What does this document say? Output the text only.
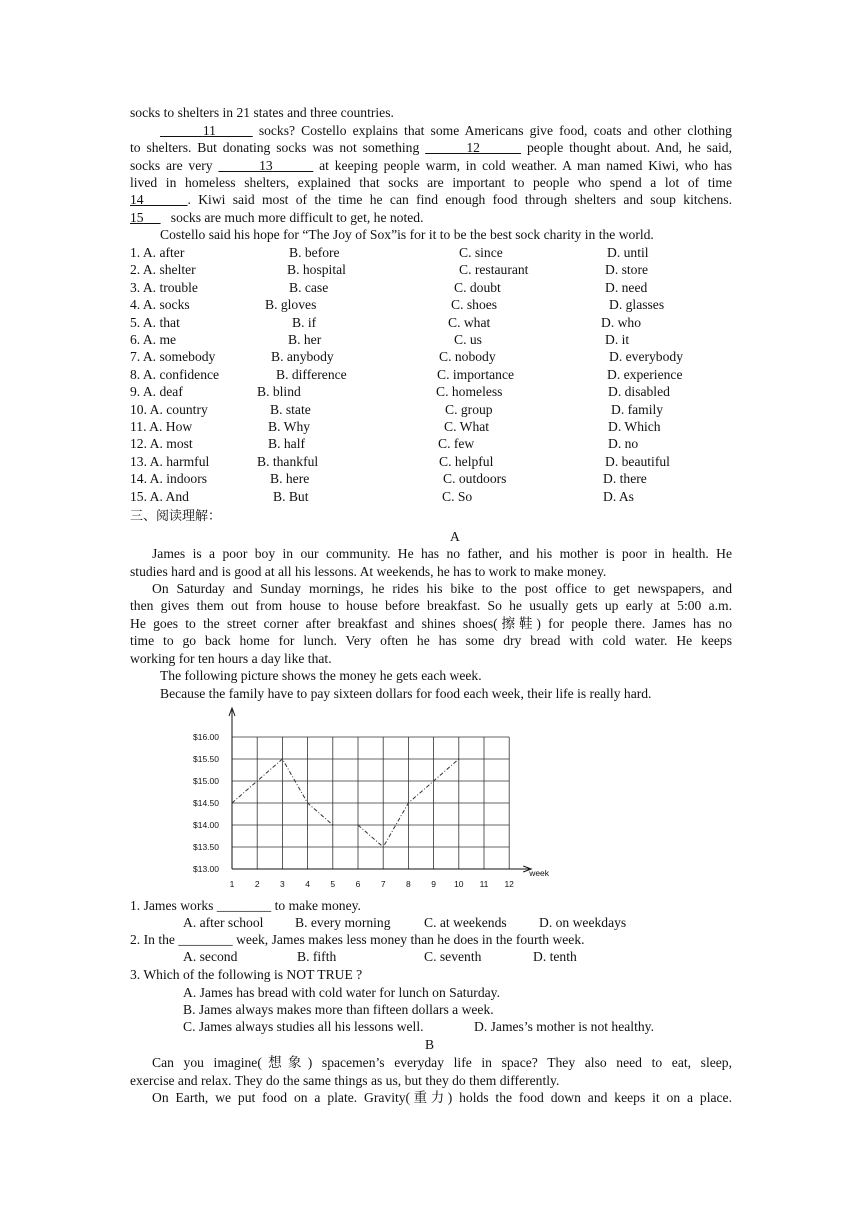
socks to shelters in 21 states and three countries.
11	socks? Costello explains that some Americans give food, coats and other clothing
to shelters. But donating socks was not something	12	people thought about. And, he said,
socks are very	13	at keeping people warm, in cold weather. A man named Kiwi, who has
lived in homeless shelters, explained that socks are important to people who spend a lot of time
14	. Kiwi said most of the time he can find enough food through shelters and soup kitchens.
15 socks are much more difficult to get, he noted.
Costello said his hope for “The Joy of Sox”is for it to be the best sock charity in the world.
1. A. after	B. before	C. since	D. until
2. A. shelter	B. hospital	C. restaurant	D. store
3. A. trouble	B. case	C. doubt	D. need
4. A. socks	B. gloves	C. shoes	D. glasses
5. A. that	B. if	C. what	D. who
6. A. me	B. her	C. us	D. it
7. A. somebody	B. anybody	C. nobody	D. everybody
8. A. confidence	B. difference	C. importance	D. experience
9. A. deaf	B. blind	C. homeless	D. disabled
10. A. country	B. state	C. group	D. family
11. A. How	B. Why	C. What	D. Which
12. A. most	B. half	C. few	D. no
13. A. harmful	B. thankful	C. helpful	D. beautiful
14. A. indoors	B. here	C. outdoors	D. there
15. A. And	B. But	C. So	D. As
三、阅读理解：
A
James is a poor boy in our community. He has no father, and his mother is poor in health. He
studies hard and is good at all his lessons. At weekends, he has to work to make money.
On Saturday and Sunday mornings, he rides his bike to the post office to get newspapers, and
then gives them out from house to house before breakfast. So he usually gets up early at 5:00 a.m.
He goes to the street corner after breakfast and shines shoes(擦鞋) for people there. James has no
time to go back home for lunch. Very often he has some dry bread with cold water. He keeps
working for ten hours a day like that.
The following picture shows the money he gets each week.
Because the family have to pay sixteen dollars for food each week, their life is really hard.
$13.00
$13.50
$14.00
$14.50
$15.00
$15.50
$16.00
1 2 3 4 5 6 7 8 9 10 11 12
week
1. James works ________ to make money.
A. after school B. every morning C. at weekends D. on weekdays
2. In the ________ week, James makes less money than he does in the fourth week.
A. second	B. fifth	C. seventh	D. tenth
3. Which of the following is NOT TRUE ?
A. James has bread with cold water for lunch on Saturday.
B. James always makes more than fifteen dollars a week.
C. James always studies all his lessons well.	D. James’s mother is not healthy.
B
Can you imagine(想象) spacemen’s everyday life in space? They also need to eat, sleep,
exercise and relax. They do the same things as us, but they do them differently.
On Earth, we put food on a plate. Gravity(重力) holds the food down and keeps it on a place.
